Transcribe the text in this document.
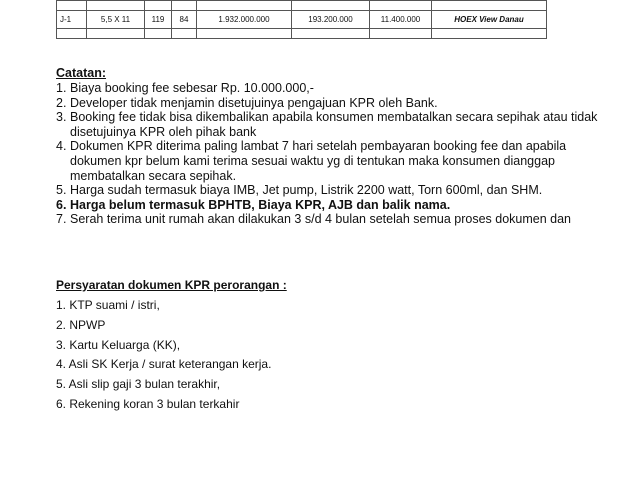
J-1	5,5 X 11	119	84	1.932.000.000	193.200.000	11.400.000	HOEX View Danau

Catatan:

1. Biaya booking fee sebesar Rp. 10.000.000,-
2. Developer tidak menjamin disetujuinya pengajuan KPR oleh Bank.
3. Booking fee tidak bisa dikembalikan apabila konsumen membatalkan secara sepihak atau tidak disetujuinya KPR oleh pihak bank
4. Dokumen KPR diterima paling lambat 7 hari setelah pembayaran booking fee dan apabila dokumen kpr belum kami terima sesuai waktu yg di tentukan maka konsumen dianggap membatalkan secara sepihak.
5. Harga sudah termasuk biaya IMB, Jet pump, Listrik 2200 watt, Torn 600ml, dan SHM.
6. Harga belum termasuk BPHTB, Biaya KPR, AJB dan balik nama.
7. Serah terima unit rumah akan dilakukan 3 s/d 4 bulan setelah semua proses dokumen dan

Persyaratan dokumen KPR perorangan :

1. KTP suami / istri,
2. NPWP
3. Kartu Keluarga (KK),
4. Asli SK Kerja / surat keterangan kerja.
5. Asli slip gaji 3 bulan terakhir,
6. Rekening koran 3 bulan terkahir
